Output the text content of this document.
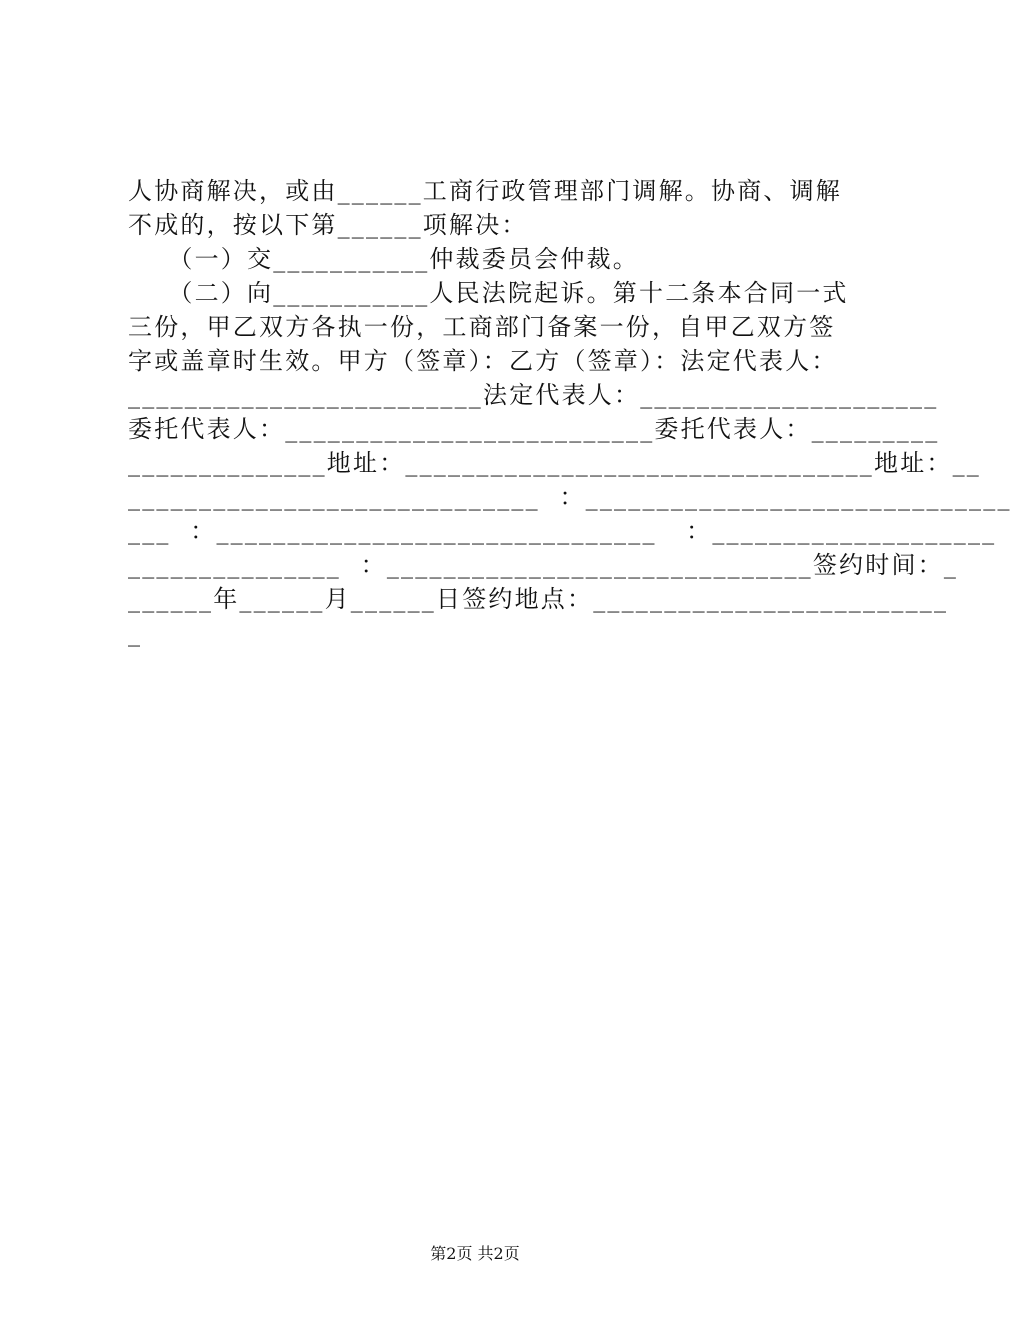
人协商解决，或由______工商行政管理部门调解。协商、调解
不成的，按以下第______项解决：
　　（一）交___________仲裁委员会仲裁。
　　（二）向___________人民法院起诉。第十二条本合同一式
三份，甲乙双方各执一份，工商部门备案一份，自甲乙双方签
字或盖章时生效。甲方（签章）：乙方（签章）：法定代表人：
_________________________法定代表人：_____________________
委托代表人：__________________________委托代表人：_________
______________地址：_________________________________地址：__
_____________________________  ：______________________________
___  ：_______________________________   ：____________________
_______________  ：______________________________签约时间：_
______年______月______日签约地点：_________________________
_
第2页 共2页
